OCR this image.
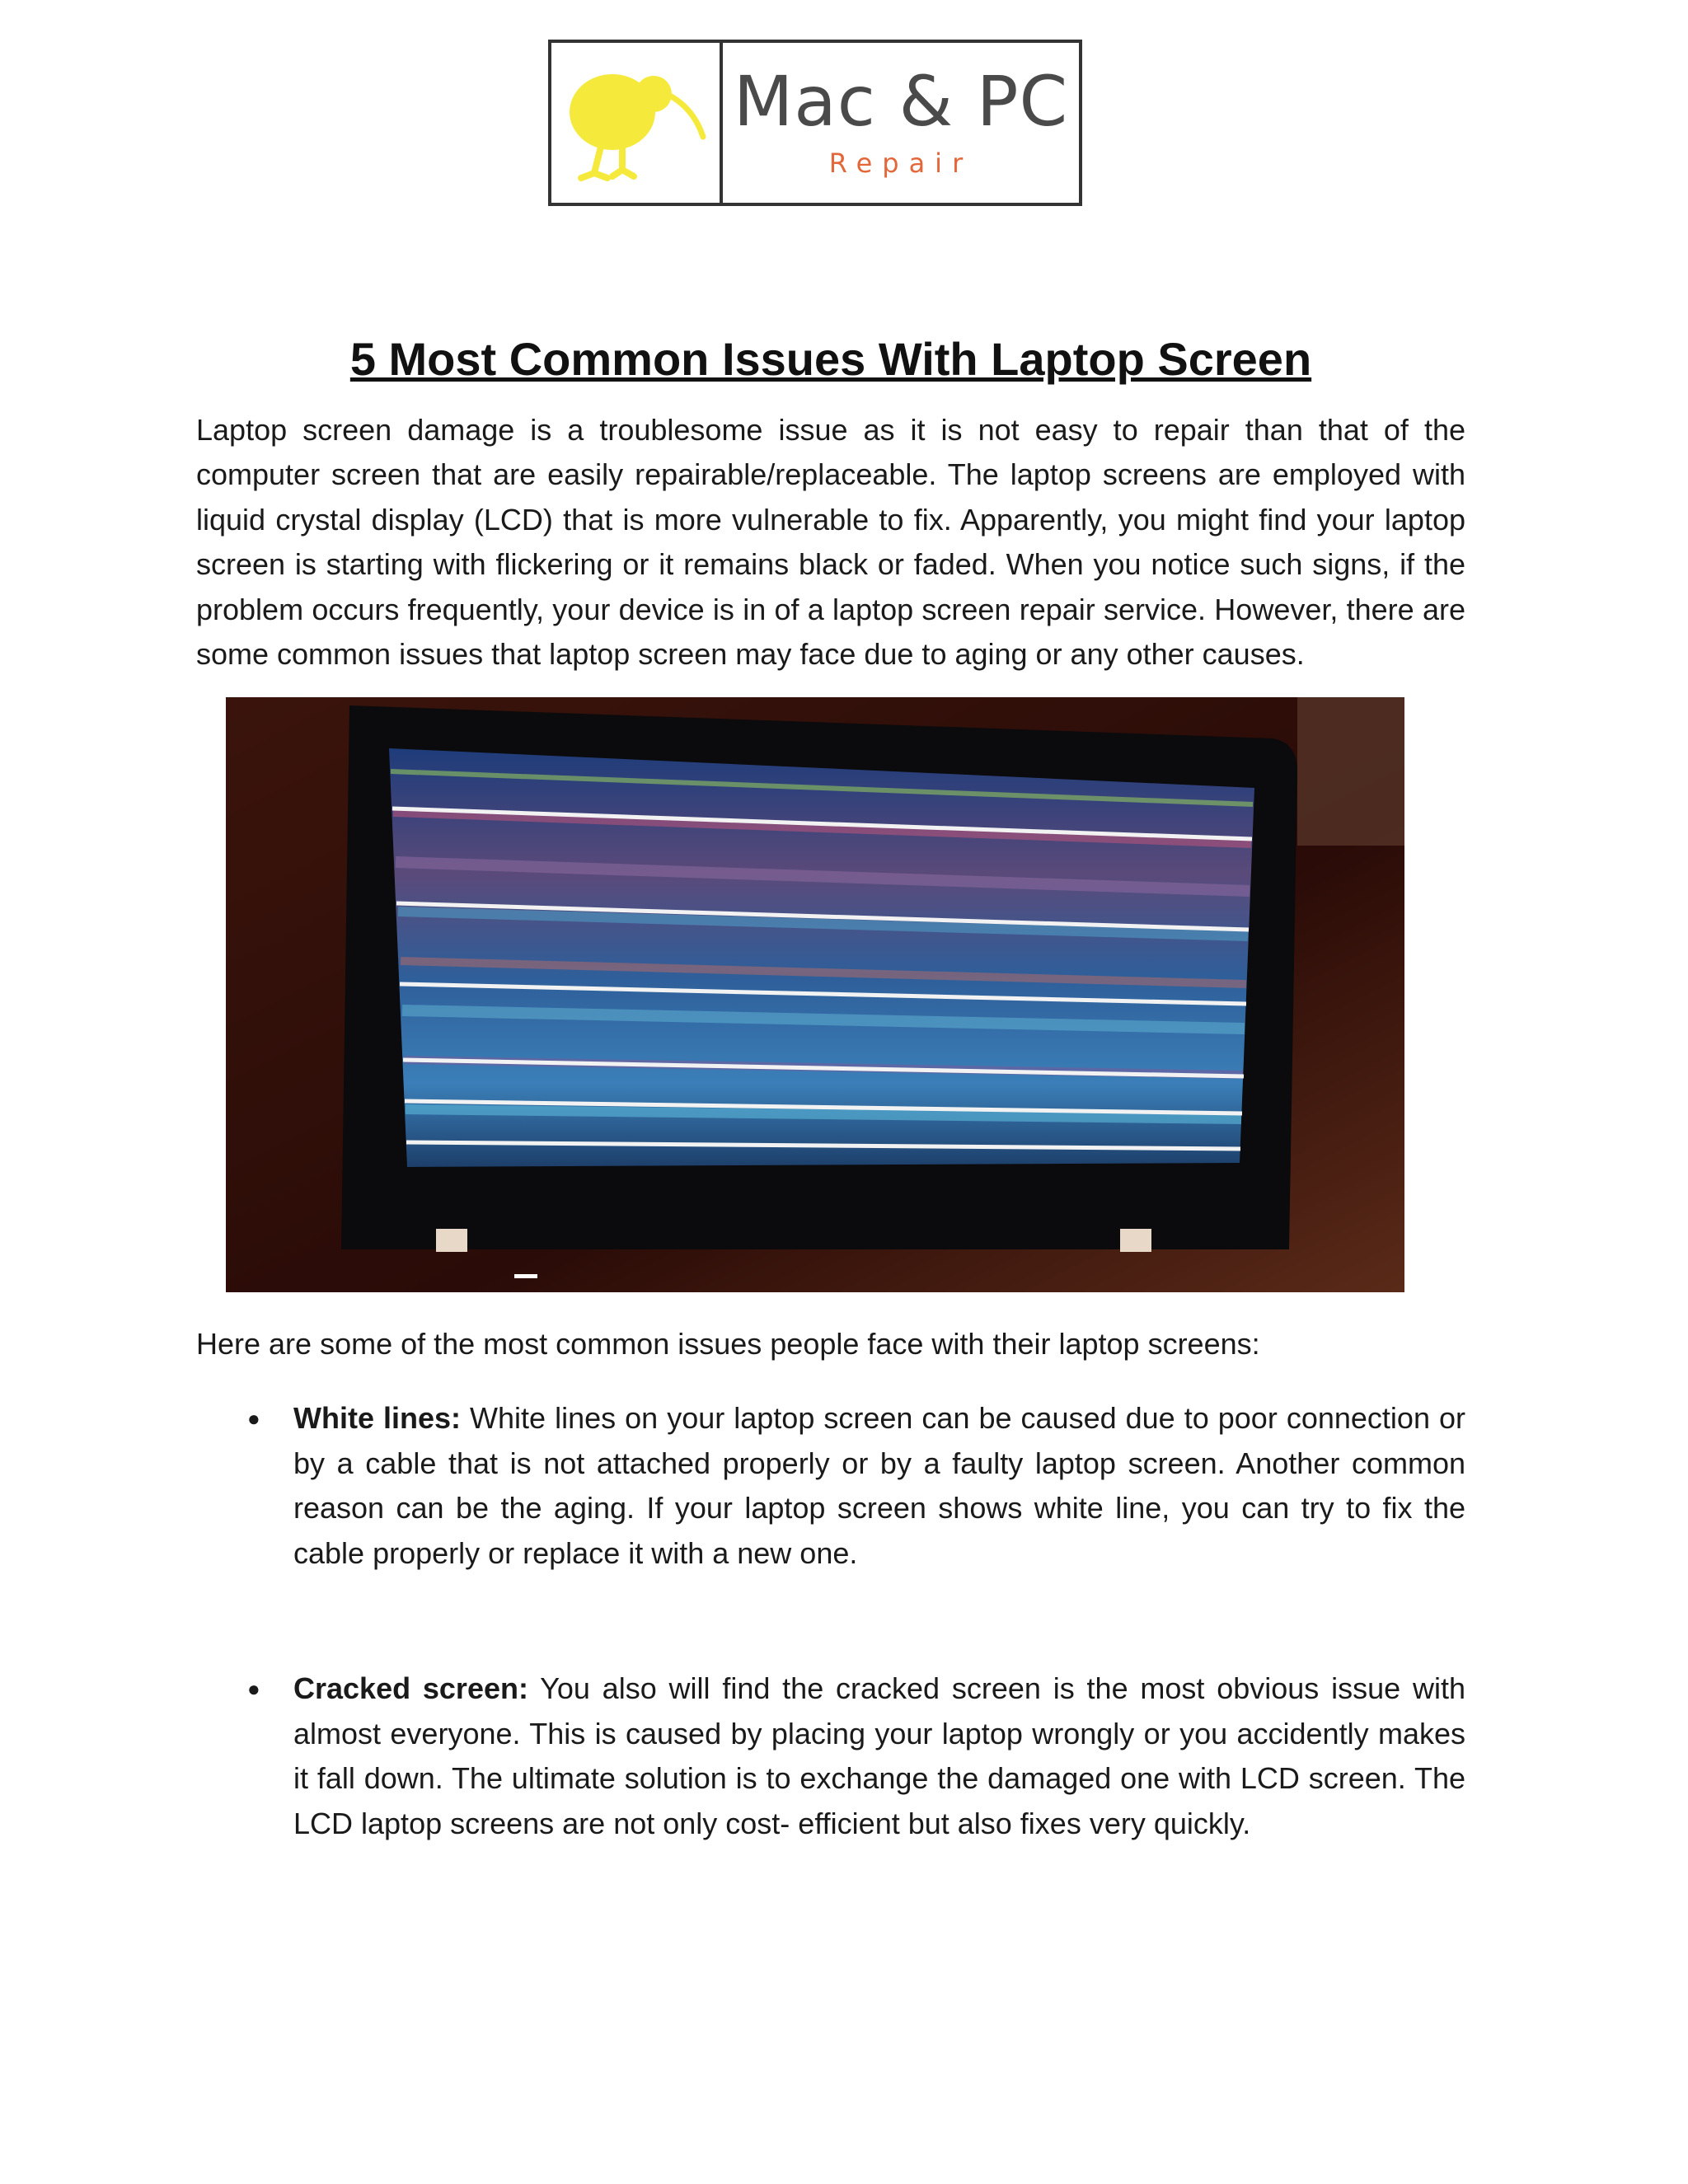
Mac & PC
Repair
5 Most Common Issues With Laptop Screen

Laptop screen damage is a troublesome issue as it is not easy to repair than that of the computer screen that are easily repairable/replaceable. The laptop screens are employed with liquid crystal display (LCD) that is more vulnerable to fix. Apparently, you might find your laptop screen is starting with flickering or it remains black or faded. When you notice such signs, if the problem occurs frequently, your device is in of a laptop screen repair service. However, there are some common issues that laptop screen may face due to aging or any other causes.

Here are some of the most common issues people face with their laptop screens:

● White lines: White lines on your laptop screen can be caused due to poor connection or by a cable that is not attached properly or by a faulty laptop screen. Another common reason can be the aging. If your laptop screen shows white line, you can try to fix the cable properly or replace it with a new one.
● Cracked screen: You also will find the cracked screen is the most obvious issue with almost everyone. This is caused by placing your laptop wrongly or you accidently makes it fall down. The ultimate solution is to exchange the damaged one with LCD screen. The LCD laptop screens are not only cost- efficient but also fixes very quickly.
